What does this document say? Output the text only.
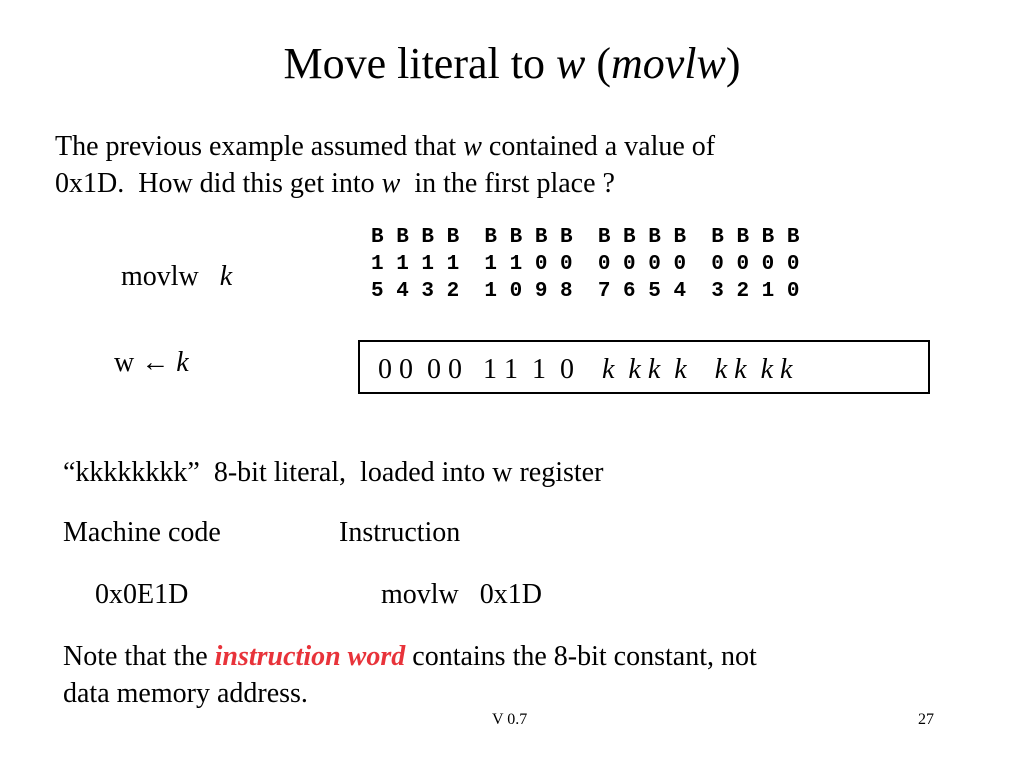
Move literal to w (movlw)
The previous example assumed that w contained a value of
0x1D.  How did this get into w  in the first place ?
B B B B  B B B B  B B B B  B B B B
1 1 1 1  1 1 0 0  0 0 0 0  0 0 0 0
5 4 3 2  1 0 9 8  7 6 5 4  3 2 1 0
movlw k
w ← k	0 0  0 0   1 1  1  0    k  k k  k k k  k k
“kkkkkkkk”  8-bit literal,  loaded into w register
Machine code	Instruction
0x0E1D	movlw   0x1D
Note that the instruction word contains the 8-bit constant, not
data memory address.
V 0.7	27
